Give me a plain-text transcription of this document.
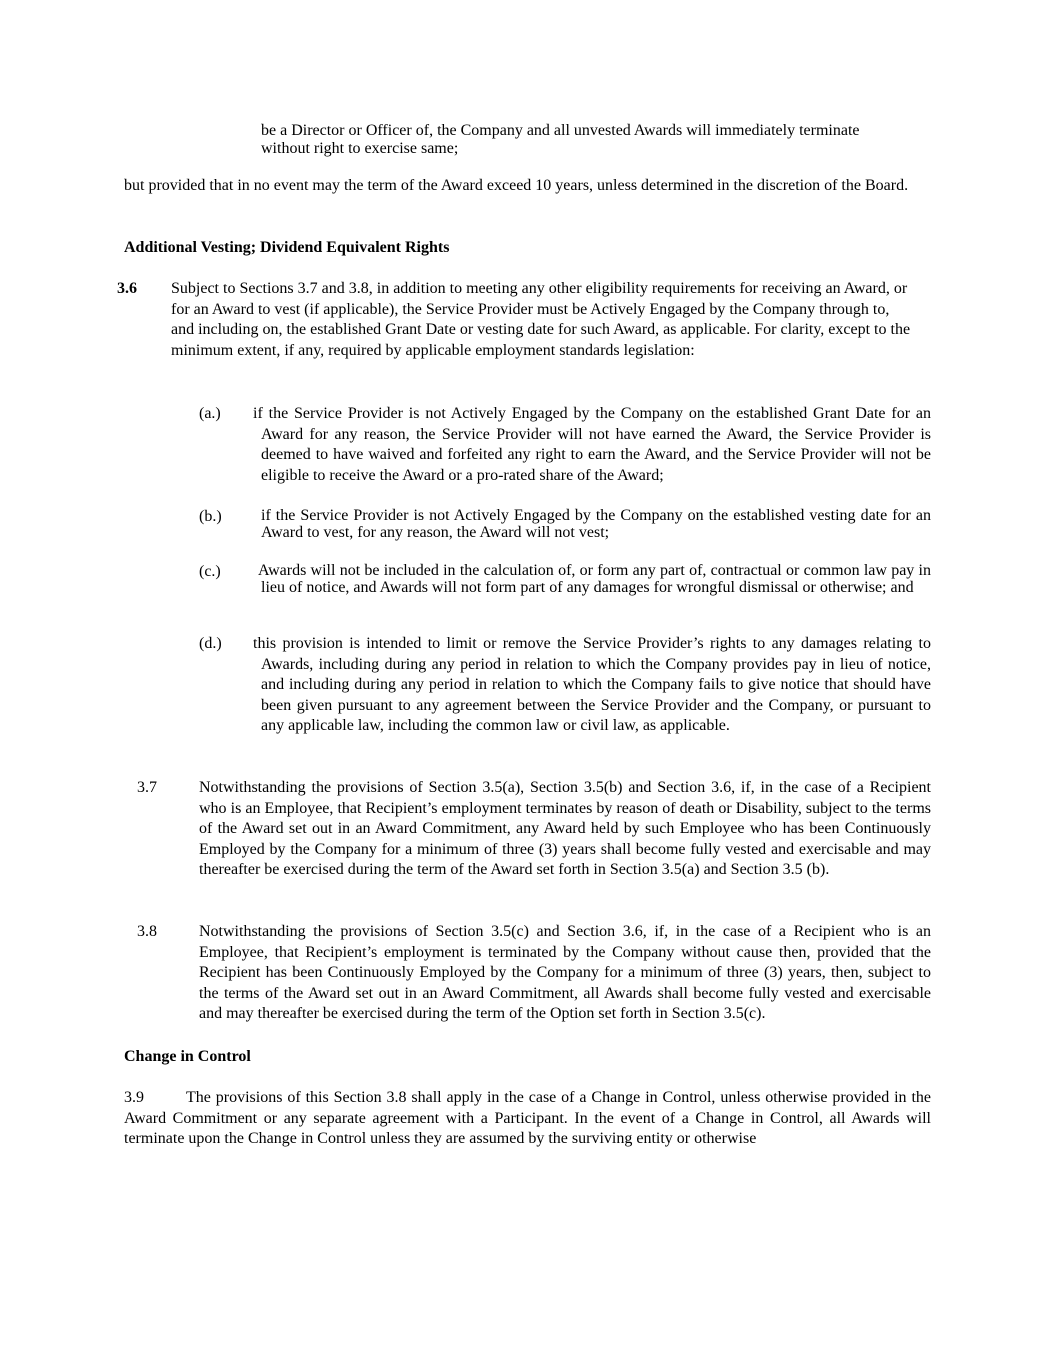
be a Director or Officer of, the Company and all unvested Awards will immediately terminate
without right to exercise same;

but provided that in no event may the term of the Award exceed 10 years, unless determined in the discretion of the Board.

Additional Vesting; Dividend Equivalent Rights

3.6 Subject to Sections 3.7 and 3.8, in addition to meeting any other eligibility requirements for receiving an Award, or for an Award to vest (if applicable), the Service Provider must be Actively Engaged by the Company through to, and including on, the established Grant Date or vesting date for such Award, as applicable. For clarity, except to the minimum extent, if any, required by applicable employment standards legislation:

(a.) if the Service Provider is not Actively Engaged by the Company on the established Grant Date for an Award for any reason, the Service Provider will not have earned the Award, the Service Provider is deemed to have waived and forfeited any right to earn the Award, and the Service Provider will not be eligible to receive the Award or a pro-rated share of the Award;

(b.) if the Service Provider is not Actively Engaged by the Company on the established vesting date for an Award to vest, for any reason, the Award will not vest;

(c.) Awards will not be included in the calculation of, or form any part of, contractual or common law pay in lieu of notice, and Awards will not form part of any damages for wrongful dismissal or otherwise; and

(d.) this provision is intended to limit or remove the Service Provider’s rights to any damages relating to Awards, including during any period in relation to which the Company provides pay in lieu of notice, and including during any period in relation to which the Company fails to give notice that should have been given pursuant to any agreement between the Service Provider and the Company, or pursuant to any applicable law, including the common law or civil law, as applicable.

3.7	Notwithstanding the provisions of Section 3.5(a), Section 3.5(b) and Section 3.6, if, in the case of a Recipient who is an Employee, that Recipient’s employment terminates by reason of death or Disability, subject to the terms of the Award set out in an Award Commitment, any Award held by such Employee who has been Continuously Employed by the Company for a minimum of three (3) years shall become fully vested and exercisable and may thereafter be exercised during the term of the Award set forth in Section 3.5(a) and Section 3.5 (b).

3.8	Notwithstanding the provisions of Section 3.5(c) and Section 3.6, if, in the case of a Recipient who is an Employee, that Recipient’s employment is terminated by the Company without cause then, provided that the Recipient has been Continuously Employed by the Company for a minimum of three (3) years, then, subject to the terms of the Award set out in an Award Commitment, all Awards shall become fully vested and exercisable and may thereafter be exercised during the term of the Option set forth in Section 3.5(c).

Change in Control

3.9	The provisions of this Section 3.8 shall apply in the case of a Change in Control, unless otherwise provided in the Award Commitment or any separate agreement with a Participant. In the event of a Change in Control, all Awards will terminate upon the Change in Control unless they are assumed by the surviving entity or otherwise
